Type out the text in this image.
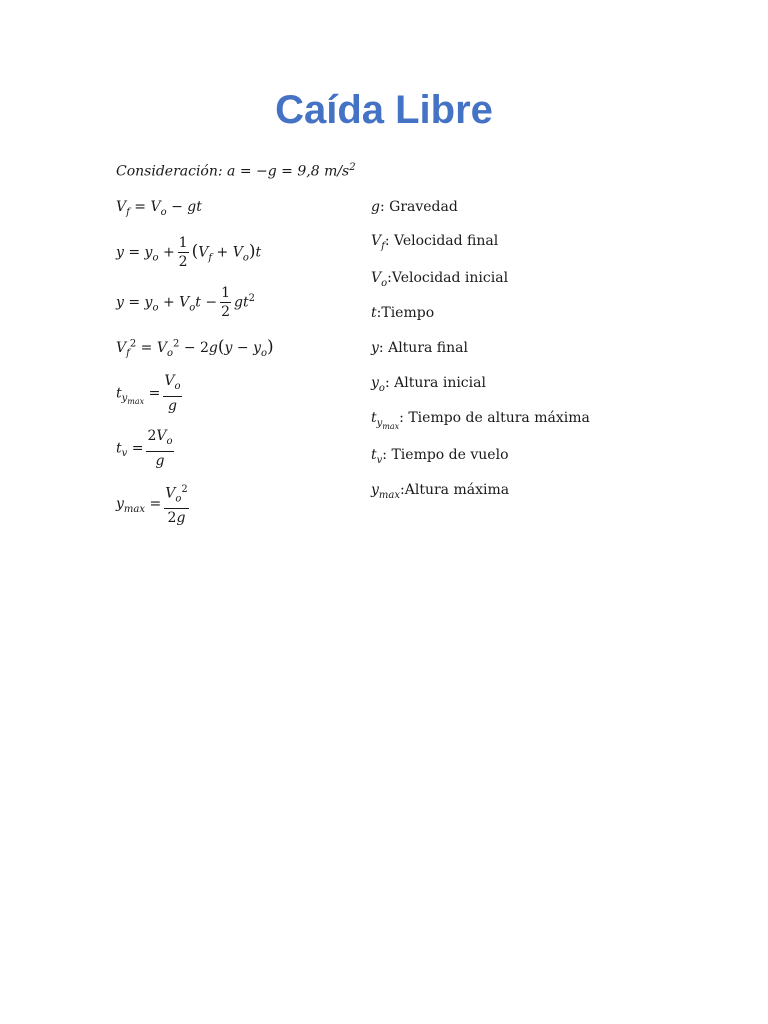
Caída Libre
Consideración: a = −g = 9,8 $m/s^2$
$V_f = V_o$ − gt
$y = y_o + \frac{1}{2} (V_f + V_o)t$
$y = y_o + V_ot - \frac{1}{2} gt^2$
$V_f^2 = V_o^2 - 2g(y - y_o)$
$t_{y_{max}} = \frac{V_o}{g}$
$t_v = \frac{2V_o}{g}$
$y_{max} = \frac{V_o^2}{2g}$
g: Gravedad
$V_f$: Velocidad final
$V_o:Velocidad$ inicial
t:Tiempo
y: Altura final
$y_o$: Altura inicial
$t_{y_{max}}$: Tiempo de altura máxima
$t_v$: Tiempo de vuelo
$y_{max}:Altura$ máxima
